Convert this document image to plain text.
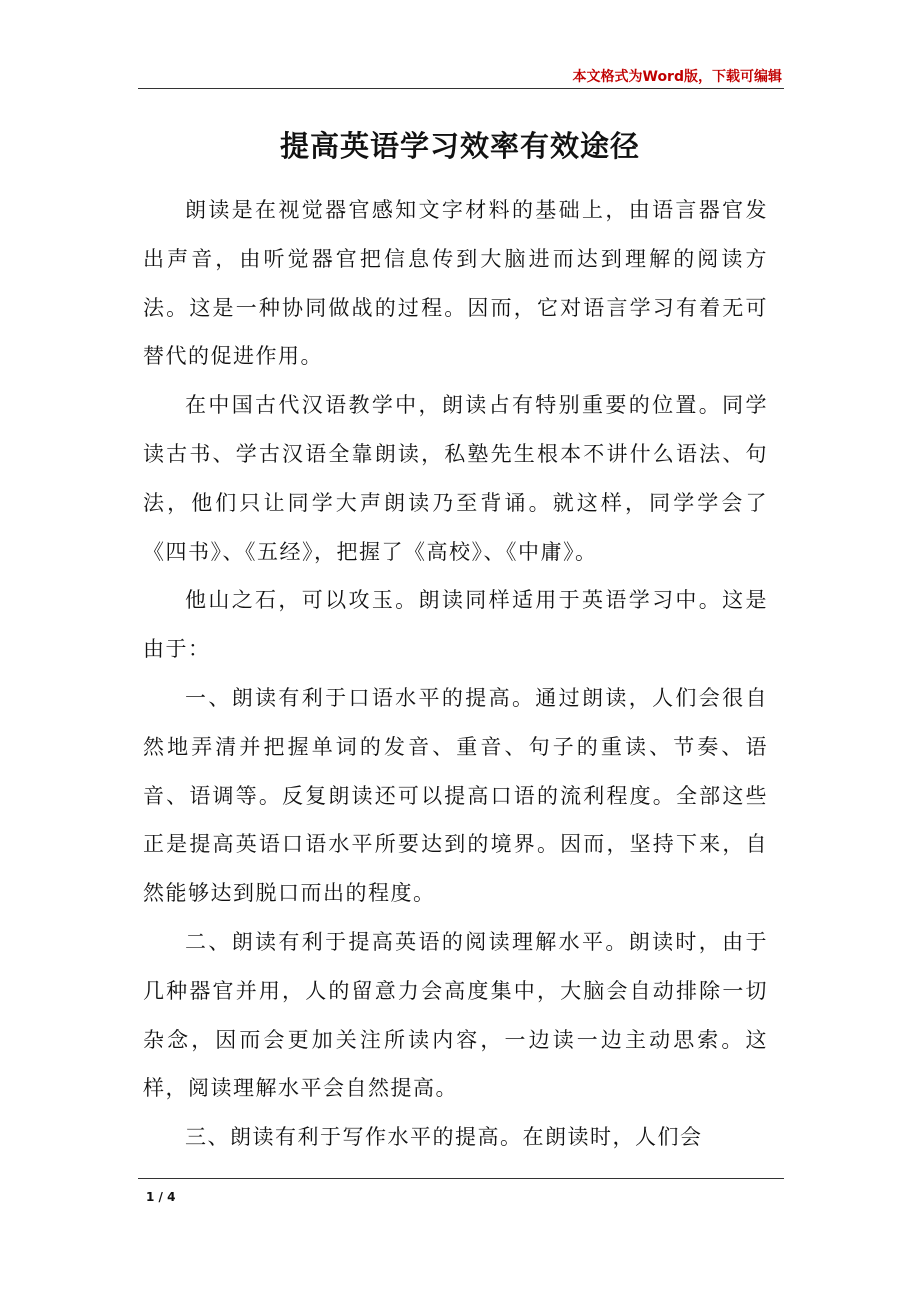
本文格式为Word版，下载可编辑
提高英语学习效率有效途径

朗读是在视觉器官感知文字材料的基础上，由语言器官发出声音，由听觉器官把信息传到大脑进而达到理解的阅读方法。这是一种协同做战的过程。因而，它对语言学习有着无可替代的促进作用。

在中国古代汉语教学中，朗读占有特别重要的位置。同学读古书、学古汉语全靠朗读，私塾先生根本不讲什么语法、句法，他们只让同学大声朗读乃至背诵。就这样，同学学会了《四书》、《五经》，把握了《高校》、《中庸》。

他山之石，可以攻玉。朗读同样适用于英语学习中。这是由于：

一、朗读有利于口语水平的提高。通过朗读，人们会很自然地弄清并把握单词的发音、重音、句子的重读、节奏、语音、语调等。反复朗读还可以提高口语的流利程度。全部这些正是提高英语口语水平所要达到的境界。因而，坚持下来，自然能够达到脱口而出的程度。

二、朗读有利于提高英语的阅读理解水平。朗读时，由于几种器官并用，人的留意力会高度集中，大脑会自动排除一切杂念，因而会更加关注所读内容，一边读一边主动思索。这样，阅读理解水平会自然提高。

三、朗读有利于写作水平的提高。在朗读时，人们会

1 / 4
